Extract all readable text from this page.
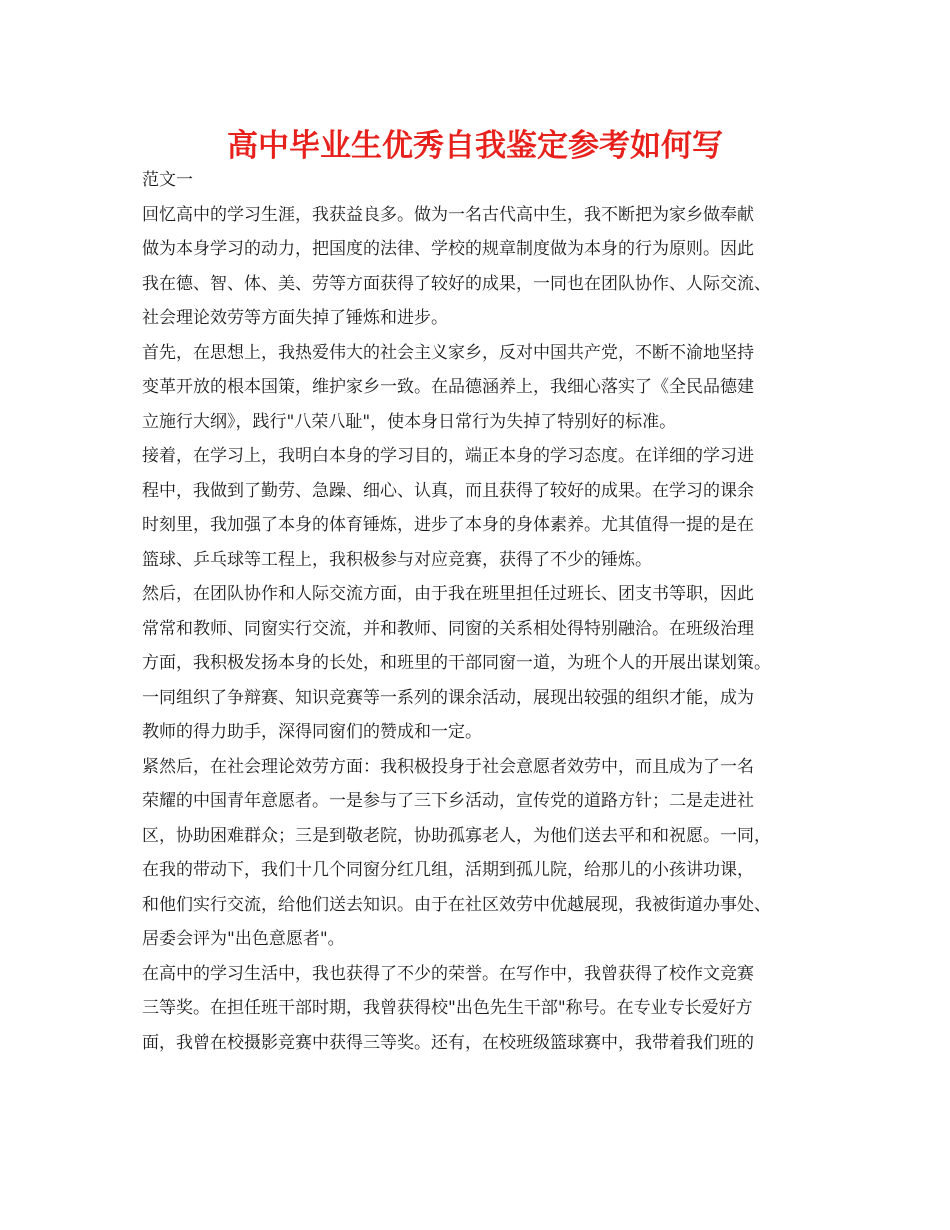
高中毕业生优秀自我鉴定参考如何写
范文一
回忆高中的学习生涯，我获益良多。做为一名古代高中生，我不断把为家乡做奉献
做为本身学习的动力，把国度的法律、学校的规章制度做为本身的行为原则。因此
我在德、智、体、美、劳等方面获得了较好的成果，一同也在团队协作、人际交流、
社会理论效劳等方面失掉了锤炼和进步。
首先，在思想上，我热爱伟大的社会主义家乡，反对中国共产党，不断不渝地坚持
变革开放的根本国策，维护家乡一致。在品德涵养上，我细心落实了《全民品德建
立施行大纲》，践行"八荣八耻"，使本身日常行为失掉了特别好的标准。
接着，在学习上，我明白本身的学习目的，端正本身的学习态度。在详细的学习进
程中，我做到了勤劳、急躁、细心、认真，而且获得了较好的成果。在学习的课余
时刻里，我加强了本身的体育锤炼，进步了本身的身体素养。尤其值得一提的是在
篮球、乒乓球等工程上，我积极参与对应竞赛，获得了不少的锤炼。
然后，在团队协作和人际交流方面，由于我在班里担任过班长、团支书等职，因此
常常和教师、同窗实行交流，并和教师、同窗的关系相处得特别融洽。在班级治理
方面，我积极发扬本身的长处，和班里的干部同窗一道，为班个人的开展出谋划策。
一同组织了争辩赛、知识竞赛等一系列的课余活动，展现出较强的组织才能，成为
教师的得力助手，深得同窗们的赞成和一定。
紧然后，在社会理论效劳方面：我积极投身于社会意愿者效劳中，而且成为了一名
荣耀的中国青年意愿者。一是参与了三下乡活动，宣传党的道路方针；二是走进社
区，协助困难群众；三是到敬老院，协助孤寡老人，为他们送去平和和祝愿。一同，
在我的带动下，我们十几个同窗分红几组，活期到孤儿院，给那儿的小孩讲功课，
和他们实行交流，给他们送去知识。由于在社区效劳中优越展现，我被街道办事处、
居委会评为"出色意愿者"。
在高中的学习生活中，我也获得了不少的荣誉。在写作中，我曾获得了校作文竞赛
三等奖。在担任班干部时期，我曾获得校"出色先生干部"称号。在专业专长爱好方
面，我曾在校摄影竞赛中获得三等奖。还有，在校班级篮球赛中，我带着我们班的
